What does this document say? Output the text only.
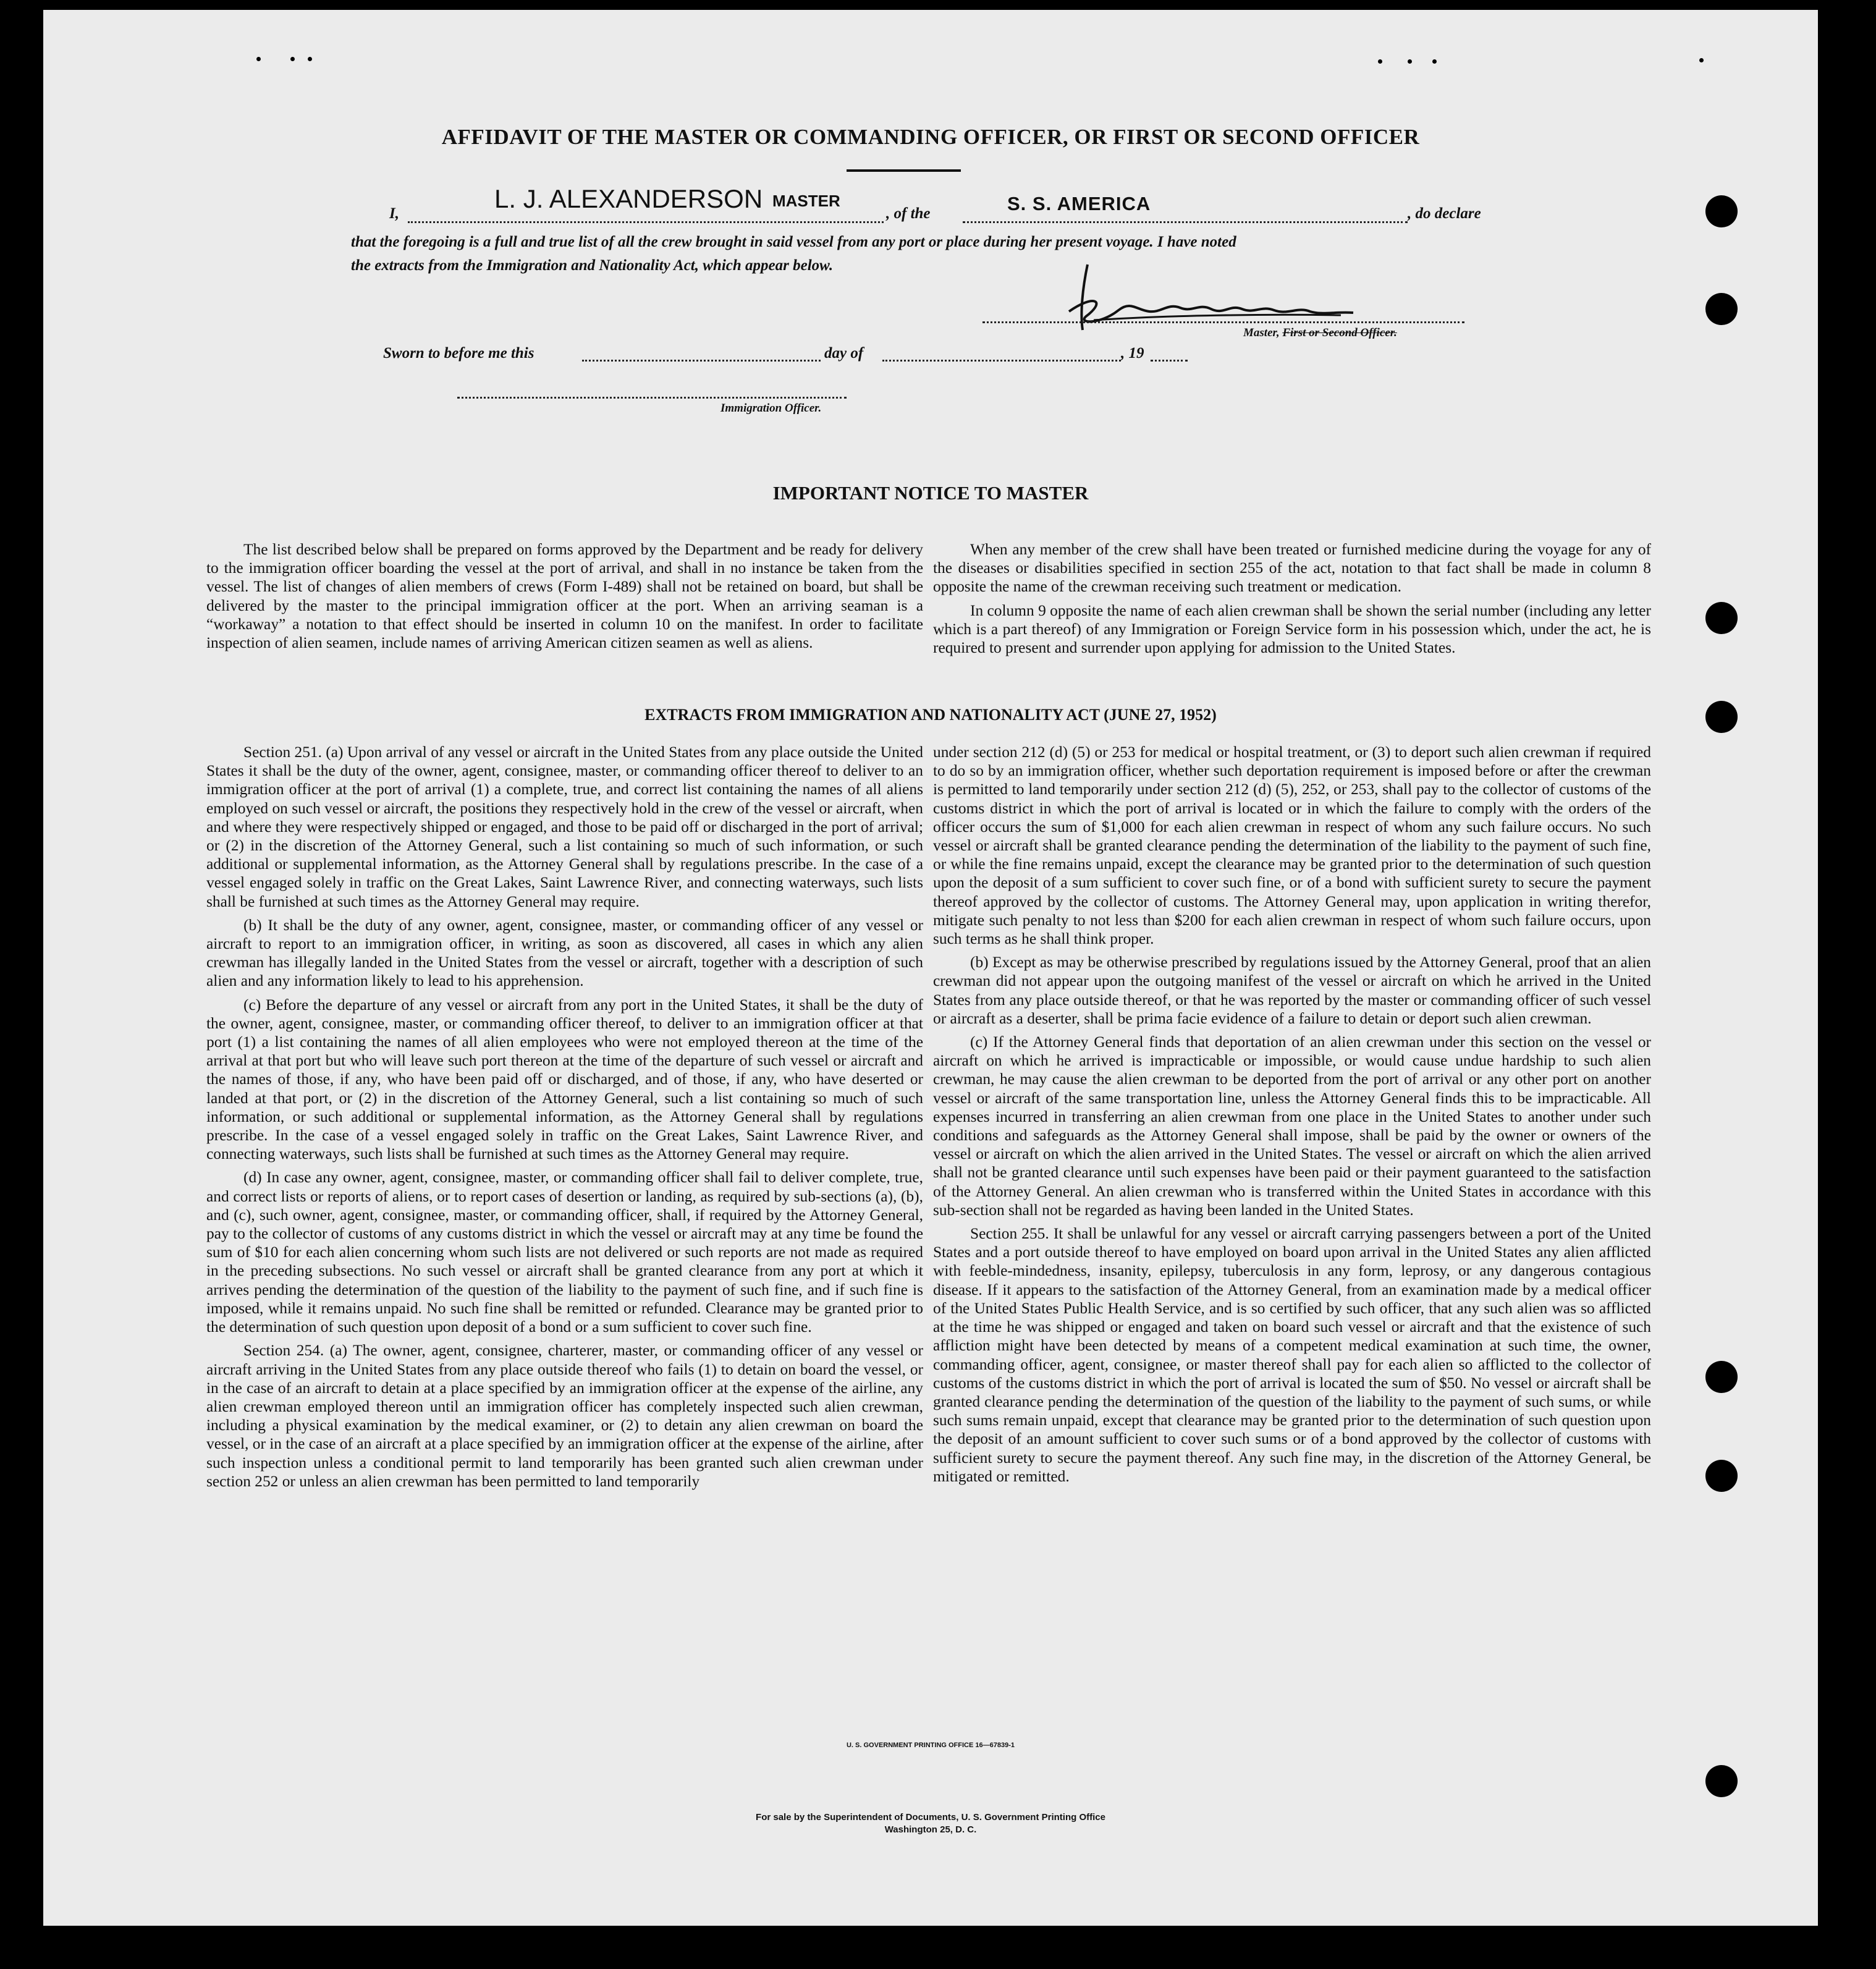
AFFIDAVIT OF THE MASTER OR COMMANDING OFFICER, OR FIRST OR SECOND OFFICER
I,
L. J. ALEXANDERSON MASTER
, of the	S. S. AMERICA	, do declare
that the foregoing is a full and true list of all the crew brought in said vessel from any port or place during her present voyage. I have noted
the extracts from the Immigration and Nationality Act, which appear below.
Master, First or Second Officer.
Sworn to before me this	day of	, 19
Immigration Officer.
IMPORTANT NOTICE TO MASTER

The list described below shall be prepared on forms approved by the Department and be ready for delivery to the immigration officer boarding the vessel at the port of arrival, and shall in no instance be taken from the vessel. The list of changes of alien members of crews (Form I-489) shall not be retained on board, but shall be delivered by the master to the principal immigration officer at the port. When an arriving seaman is a “workaway” a notation to that effect should be inserted in column 10 on the manifest. In order to facilitate inspection of alien seamen, include names of arriving American citizen seamen as well as aliens.

When any member of the crew shall have been treated or furnished medicine during the voyage for any of the diseases or disabilities specified in section 255 of the act, notation to that fact shall be made in column 8 opposite the name of the crewman receiving such treatment or medication.

In column 9 opposite the name of each alien crewman shall be shown the serial number (including any letter which is a part thereof) of any Immigration or Foreign Service form in his possession which, under the act, he is required to present and surrender upon applying for admission to the United States.

EXTRACTS FROM IMMIGRATION AND NATIONALITY ACT (JUNE 27, 1952)

Section 251. (a) Upon arrival of any vessel or aircraft in the United States from any place outside the United States it shall be the duty of the owner, agent, consignee, master, or commanding officer thereof to deliver to an immigration officer at the port of arrival (1) a complete, true, and correct list containing the names of all aliens employed on such vessel or aircraft, the positions they respectively hold in the crew of the vessel or aircraft, when and where they were respectively shipped or engaged, and those to be paid off or discharged in the port of arrival; or (2) in the discretion of the Attorney General, such a list containing so much of such information, or such additional or supplemental information, as the Attorney General shall by regulations prescribe. In the case of a vessel engaged solely in traffic on the Great Lakes, Saint Lawrence River, and connecting waterways, such lists shall be furnished at such times as the Attorney General may require.

(b) It shall be the duty of any owner, agent, consignee, master, or commanding officer of any vessel or aircraft to report to an immigration officer, in writing, as soon as discovered, all cases in which any alien crewman has illegally landed in the United States from the vessel or aircraft, together with a description of such alien and any information likely to lead to his apprehension.

(c) Before the departure of any vessel or aircraft from any port in the United States, it shall be the duty of the owner, agent, consignee, master, or commanding officer thereof, to deliver to an immigration officer at that port (1) a list containing the names of all alien employees who were not employed thereon at the time of the arrival at that port but who will leave such port thereon at the time of the departure of such vessel or aircraft and the names of those, if any, who have been paid off or discharged, and of those, if any, who have deserted or landed at that port, or (2) in the discretion of the Attorney General, such a list containing so much of such information, or such additional or supplemental information, as the Attorney General shall by regulations prescribe. In the case of a vessel engaged solely in traffic on the Great Lakes, Saint Lawrence River, and connecting waterways, such lists shall be furnished at such times as the Attorney General may require.

(d) In case any owner, agent, consignee, master, or commanding officer shall fail to deliver complete, true, and correct lists or reports of aliens, or to report cases of desertion or landing, as required by sub-sections (a), (b), and (c), such owner, agent, consignee, master, or commanding officer, shall, if required by the Attorney General, pay to the collector of customs of any customs district in which the vessel or aircraft may at any time be found the sum of $10 for each alien concerning whom such lists are not delivered or such reports are not made as required in the preceding subsections. No such vessel or aircraft shall be granted clearance from any port at which it arrives pending the determination of the question of the liability to the payment of such fine, and if such fine is imposed, while it remains unpaid. No such fine shall be remitted or refunded. Clearance may be granted prior to the determination of such question upon deposit of a bond or a sum sufficient to cover such fine.

Section 254. (a) The owner, agent, consignee, charterer, master, or commanding officer of any vessel or aircraft arriving in the United States from any place outside thereof who fails (1) to detain on board the vessel, or in the case of an aircraft to detain at a place specified by an immigration officer at the expense of the airline, any alien crewman employed thereon until an immigration officer has completely inspected such alien crewman, including a physical examination by the medical examiner, or (2) to detain any alien crewman on board the vessel, or in the case of an aircraft at a place specified by an immigration officer at the expense of the airline, after such inspection unless a conditional permit to land temporarily has been granted such alien crewman under section 252 or unless an alien crewman has been permitted to land temporarily

under section 212 (d) (5) or 253 for medical or hospital treatment, or (3) to deport such alien crewman if required to do so by an immigration officer, whether such deportation requirement is imposed before or after the crewman is permitted to land temporarily under section 212 (d) (5), 252, or 253, shall pay to the collector of customs of the customs district in which the port of arrival is located or in which the failure to comply with the orders of the officer occurs the sum of $1,000 for each alien crewman in respect of whom any such failure occurs. No such vessel or aircraft shall be granted clearance pending the determination of the liability to the payment of such fine, or while the fine remains unpaid, except the clearance may be granted prior to the determination of such question upon the deposit of a sum sufficient to cover such fine, or of a bond with sufficient surety to secure the payment thereof approved by the collector of customs. The Attorney General may, upon application in writing therefor, mitigate such penalty to not less than $200 for each alien crewman in respect of whom such failure occurs, upon such terms as he shall think proper.

(b) Except as may be otherwise prescribed by regulations issued by the Attorney General, proof that an alien crewman did not appear upon the outgoing manifest of the vessel or aircraft on which he arrived in the United States from any place outside thereof, or that he was reported by the master or commanding officer of such vessel or aircraft as a deserter, shall be prima facie evidence of a failure to detain or deport such alien crewman.

(c) If the Attorney General finds that deportation of an alien crewman under this section on the vessel or aircraft on which he arrived is impracticable or impossible, or would cause undue hardship to such alien crewman, he may cause the alien crewman to be deported from the port of arrival or any other port on another vessel or aircraft of the same transportation line, unless the Attorney General finds this to be impracticable. All expenses incurred in transferring an alien crewman from one place in the United States to another under such conditions and safeguards as the Attorney General shall impose, shall be paid by the owner or owners of the vessel or aircraft on which the alien arrived in the United States. The vessel or aircraft on which the alien arrived shall not be granted clearance until such expenses have been paid or their payment guaranteed to the satisfaction of the Attorney General. An alien crewman who is transferred within the United States in accordance with this sub-section shall not be regarded as having been landed in the United States.

Section 255. It shall be unlawful for any vessel or aircraft carrying passengers between a port of the United States and a port outside thereof to have employed on board upon arrival in the United States any alien afflicted with feeble-mindedness, insanity, epilepsy, tuberculosis in any form, leprosy, or any dangerous contagious disease. If it appears to the satisfaction of the Attorney General, from an examination made by a medical officer of the United States Public Health Service, and is so certified by such officer, that any such alien was so afflicted at the time he was shipped or engaged and taken on board such vessel or aircraft and that the existence of such affliction might have been detected by means of a competent medical examination at such time, the owner, commanding officer, agent, consignee, or master thereof shall pay for each alien so afflicted to the collector of customs of the customs district in which the port of arrival is located the sum of $50. No vessel or aircraft shall be granted clearance pending the determination of the question of the liability to the payment of such sums, or while such sums remain unpaid, except that clearance may be granted prior to the determination of such question upon the deposit of an amount sufficient to cover such sums or of a bond approved by the collector of customs with sufficient surety to secure the payment thereof. Any such fine may, in the discretion of the Attorney General, be mitigated or remitted.

U. S. GOVERNMENT PRINTING OFFICE 16—67839-1
For sale by the Superintendent of Documents, U. S. Government Printing Office
Washington 25, D. C.
